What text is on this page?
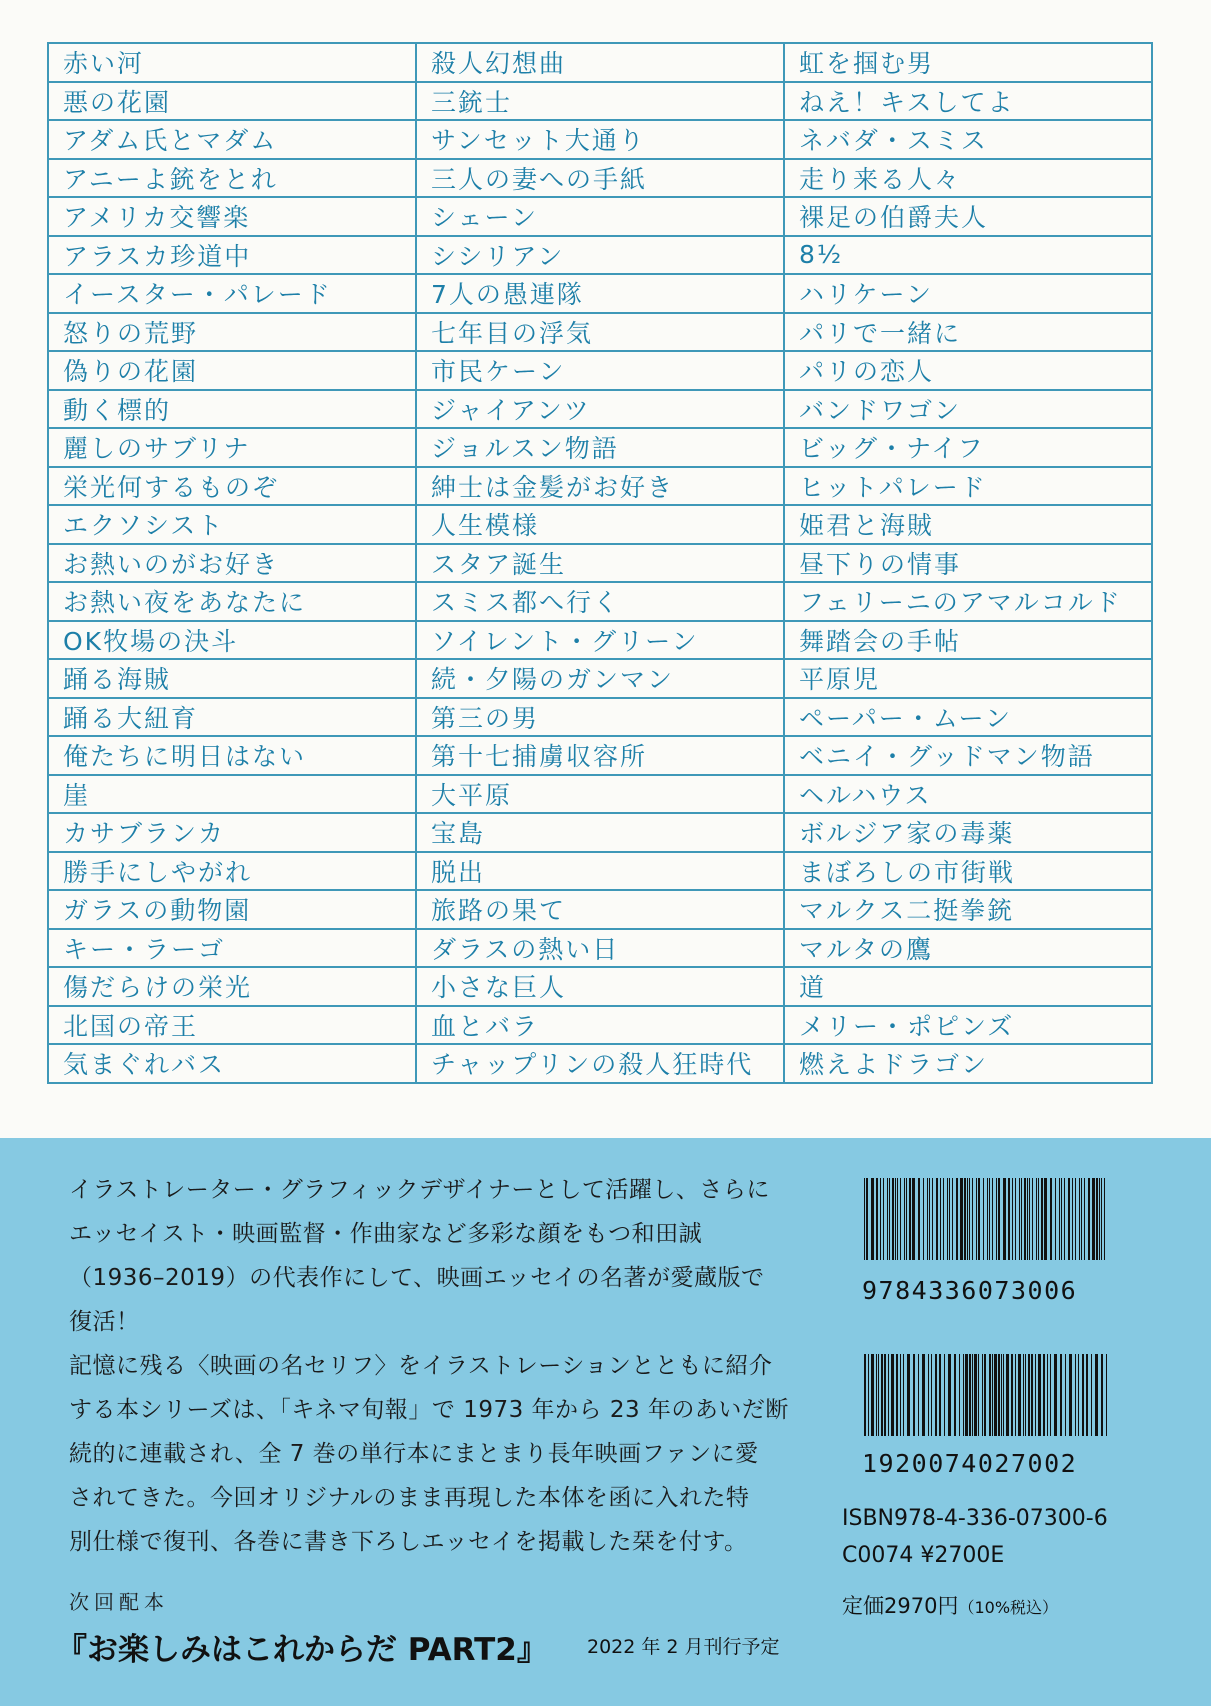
赤い河	殺人幻想曲	虹を掴む男
悪の花園	三銃士	ねえ！キスしてよ
アダム氏とマダム	サンセット大通り	ネバダ・スミス
アニーよ銃をとれ	三人の妻への手紙	走り来る人々
アメリカ交響楽	シェーン	裸足の伯爵夫人
アラスカ珍道中	シシリアン	8½
イースター・パレード	7人の愚連隊	ハリケーン
怒りの荒野	七年目の浮気	パリで一緒に
偽りの花園	市民ケーン	パリの恋人
動く標的	ジャイアンツ	バンドワゴン
麗しのサブリナ	ジョルスン物語	ビッグ・ナイフ
栄光何するものぞ	紳士は金髪がお好き	ヒットパレード
エクソシスト	人生模様	姫君と海賊
お熱いのがお好き	スタア誕生	昼下りの情事
お熱い夜をあなたに	スミス都へ行く	フェリーニのアマルコルド
OK牧場の決斗	ソイレント・グリーン	舞踏会の手帖
踊る海賊	続・夕陽のガンマン	平原児
踊る大紐育	第三の男	ペーパー・ムーン
俺たちに明日はない	第十七捕虜収容所	ベニイ・グッドマン物語
崖	大平原	ヘルハウス
カサブランカ	宝島	ボルジア家の毒薬
勝手にしやがれ	脱出	まぼろしの市街戦
ガラスの動物園	旅路の果て	マルクス二挺拳銃
キー・ラーゴ	ダラスの熱い日	マルタの鷹
傷だらけの栄光	小さな巨人	道
北国の帝王	血とバラ	メリー・ポピンズ
気まぐれバス	チャップリンの殺人狂時代	燃えよドラゴン

イラストレーター・グラフィックデザイナーとして活躍し、さらに

エッセイスト・映画監督・作曲家など多彩な顔をもつ和田誠

（1936–2019）の代表作にして、映画エッセイの名著が愛蔵版で

復活！

記憶に残る〈映画の名セリフ〉をイラストレーションとともに紹介

する本シリーズは、「キネマ旬報」で 1973 年から 23 年のあいだ断

続的に連載され、全 7 巻の単行本にまとまり長年映画ファンに愛

されてきた。今回オリジナルのまま再現した本体を函に入れた特

別仕様で復刊、各巻に書き下ろしエッセイを掲載した栞を付す。

次回配本
『お楽しみはこれからだ PART2』 2022 年 2 月刊行予定
9784336073006
1920074027002
ISBN978-4-336-07300-6
C0074 ¥2700E
定価2970円（10%税込）
